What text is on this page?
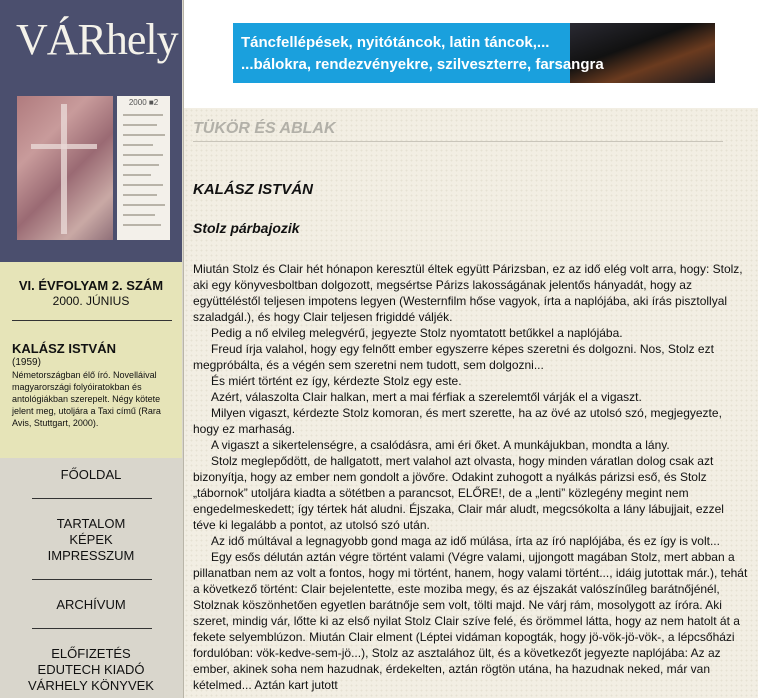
VÁRhely
2000 ■2
VI. ÉVFOLYAM 2. SZÁM
2000. JÚNIUS
KALÁSZ ISTVÁN
(1959)
Németországban élő író. Novelláival magyarországi folyóiratokban és antológiákban szerepelt. Négy kötete jelent meg, utoljára a Taxi című (Rara Avis, Stuttgart, 2000).
FŐOLDAL
TARTALOM
KÉPEK
IMPRESSZUM
ARCHÍVUM
ELŐFIZETÉS
EDUTECH KIADÓ
VÁRHELY KÖNYVEK
Táncfellépések, nyitótáncok, latin táncok,...
...bálokra, rendezvényekre, szilveszterre, farsangra
TÜKÖR ÉS ABLAK
KALÁSZ ISTVÁN
Stolz párbajozik

Miután Stolz és Clair hét hónapon keresztül éltek együtt Párizsban, ez az idő elég volt arra, hogy: Stolz, aki egy könyvesboltban dolgozott, megsértse Párizs lakosságának jelentős hányadát, hogy az együttéléstől teljesen impotens legyen (Westernfilm hőse vagyok, írta a naplójába, aki írás pisztollyal szaladgál.), és hogy Clair teljesen frigiddé váljék.

Pedig a nő elvileg melegvérű, jegyezte Stolz nyomtatott betűkkel a naplójába.

Freud írja valahol, hogy egy felnőtt ember egyszerre képes szeretni és dolgozni. Nos, Stolz ezt megpróbálta, és a végén sem szeretni nem tudott, sem dolgozni...

És miért történt ez így, kérdezte Stolz egy este.

Azért, válaszolta Clair halkan, mert a mai férfiak a szerelemtől várják el a vigaszt.

Milyen vigaszt, kérdezte Stolz komoran, és mert szerette, ha az övé az utolsó szó, megjegyezte, hogy ez marhaság.

A vigaszt a sikertelenségre, a csalódásra, ami éri őket. A munkájukban, mondta a lány.

Stolz meglepődött, de hallgatott, mert valahol azt olvasta, hogy minden váratlan dolog csak azt bizonyítja, hogy az ember nem gondolt a jövőre. Odakint zuhogott a nyálkás párizsi eső, és Stolz „tábornok” utoljára kiadta a sötétben a parancsot, ELŐRE!, de a „lenti” közlegény megint nem engedelmeskedett; így tértek hát aludni. Éjszaka, Clair már aludt, megcsókolta a lány lábujjait, ezzel téve ki legalább a pontot, az utolsó szó után.

Az idő múltával a legnagyobb gond maga az idő múlása, írta az író naplójába, és ez így is volt...

Egy esős délután aztán végre történt valami (Végre valami, ujjongott magában Stolz, mert abban a pillanatban nem az volt a fontos, hogy mi történt, hanem, hogy valami történt..., idáig jutottak már.), tehát a következő történt: Clair bejelentette, este moziba megy, és az éjszakát valószínűleg barátnőjénél, Stolznak köszönhetően egyetlen barátnője sem volt, tölti majd. Ne várj rám, mosolygott az íróra. Aki szeret, mindig vár, lőtte ki az első nyilat Stolz Clair szíve felé, és örömmel látta, hogy az nem hatolt át a fekete selyemblúzon. Miután Clair elment (Léptei vidáman kopogták, hogy jö-vök-jö-vök-, a lépcsőházi fordulóban: vök-kedve-sem-jö...), Stolz az asztalához ült, és a következőt jegyezte naplójába: Az az ember, akinek soha nem hazudnak, érdekelten, aztán rögtön utána, ha hazudnak neked, már van kételmed... Aztán kart jutott
